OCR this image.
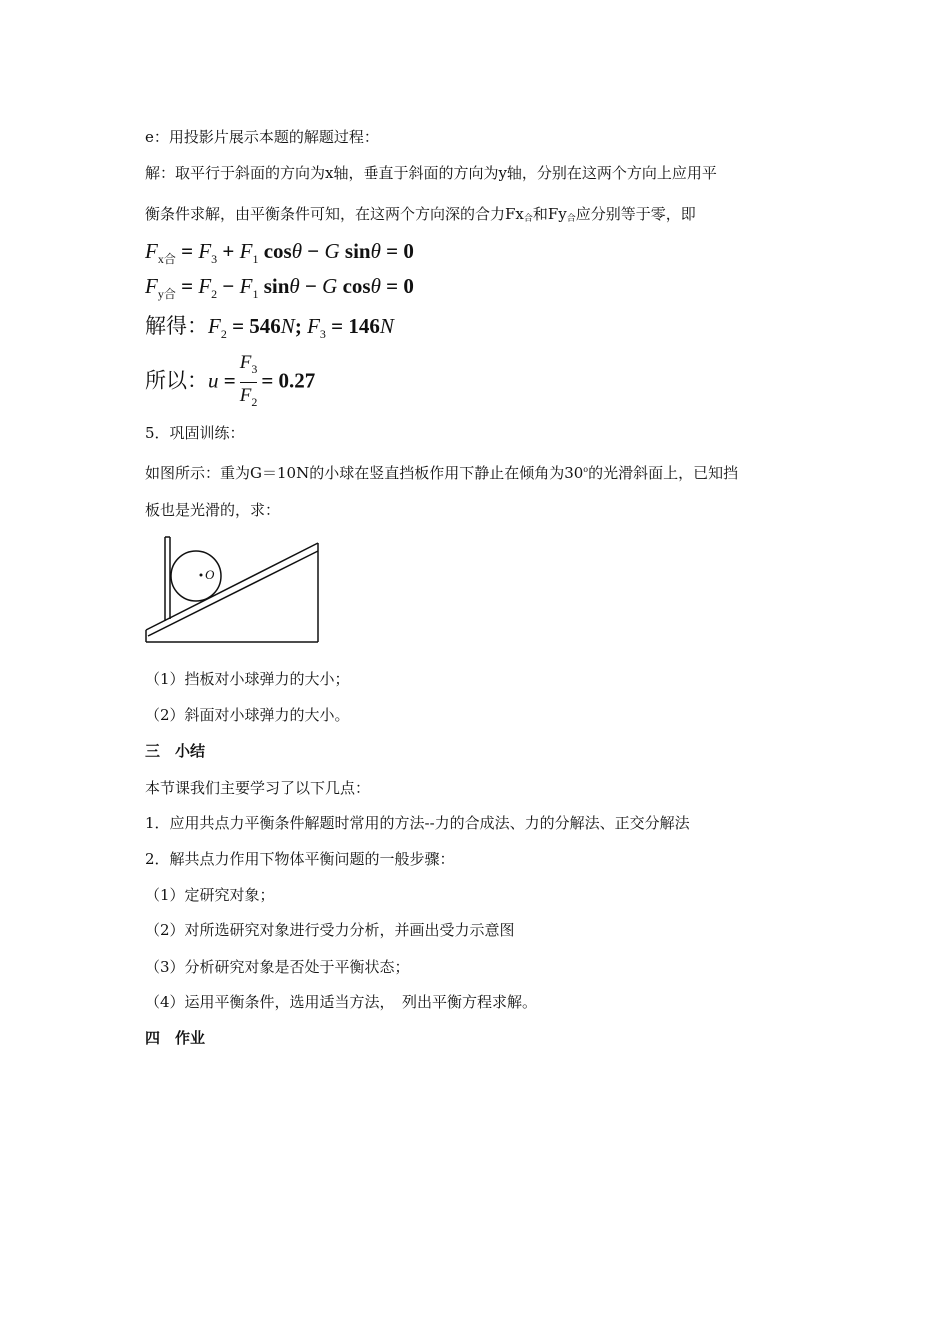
e：用投影片展示本题的解题过程：
解：取平行于斜面的方向为x轴，垂直于斜面的方向为y轴，分别在这两个方向上应用平
衡条件求解，由平衡条件可知，在这两个方向深的合力$Fx_合$和$Fy_合$应分别等于零，即
$F_{x合} = F_3 + F_1$ cosθ − G sinθ = 0
$F_{y合} = F_2 - F_1$ sinθ − G cosθ = 0
解得：$F_2 = 546N$; $F_3 = 146N$
所以：$u = \frac{F_3}{F_2} = 0.27$
5．巩固训练：
如图所示：重为G＝10N的小球在竖直挡板作用下静止在倾角为30$^o$的光滑斜面上，已知挡
板也是光滑的，求：
O
（1）挡板对小球弹力的大小；
（2）斜面对小球弹力的大小。
三　小结
本节课我们主要学习了以下几点：
1．应用共点力平衡条件解题时常用的方法--力的合成法、力的分解法、正交分解法
2．解共点力作用下物体平衡问题的一般步骤：
（1）定研究对象；
（2）对所选研究对象进行受力分析，并画出受力示意图
（3）分析研究对象是否处于平衡状态；
（4）运用平衡条件，选用适当方法，　列出平衡方程求解。
四　作业
